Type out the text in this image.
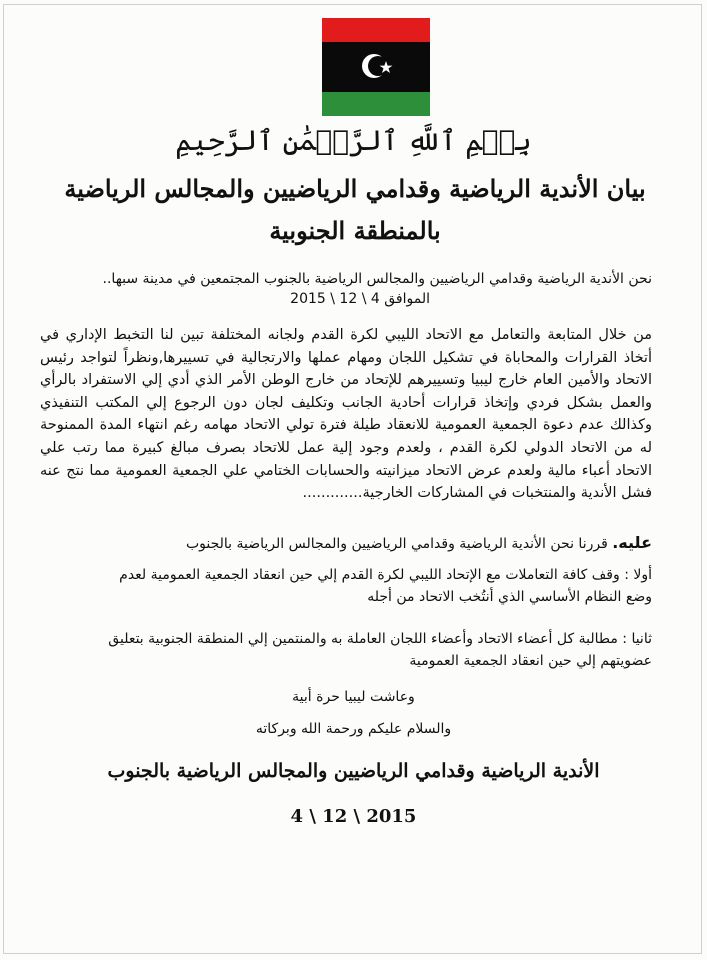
بِسۡمِ ٱللَّهِ ٱلرَّحۡمَٰنِ ٱلرَّحِيمِ
بيان الأندية الرياضية وقدامي الرياضيين والمجالس الرياضية
بالمنطقة الجنوبية
نحن الأندية الرياضية وقدامي الرياضيين والمجالس الرياضية بالجنوب المجتمعين في مدينة سبها..
الموافق 4 \ 12 \ 2015
من خلال المتابعة والتعامل مع الاتحاد الليبي لكرة القدم ولجانه المختلفة تبين لنا التخبط الإداري في أتخاذ القرارات والمحاباة في تشكيل اللجان ومهام عملها والارتجالية في تسييرها,ونظراً لتواجد رئيس الاتحاد والأمين العام خارج ليبيا وتسييرهم للإتحاد من خارج الوطن الأمر الذي أدي إلي الاستفراد بالرأي والعمل بشكل فردي وإتخاذ قرارات أحادية الجانب وتكليف لجان دون الرجوع إلي المكتب التنفيذي وكذالك عدم دعوة الجمعية العمومية للانعقاد طيلة فترة تولي الاتحاد مهامه رغم انتهاء المدة الممنوحة له من الاتحاد الدولي لكرة القدم ، ولعدم وجود إلية عمل للاتحاد بصرف مبالغ كبيرة مما رتب علي الاتحاد أعباء مالية ولعدم عرض الاتحاد ميزانيته والحسابات الختامي علي الجمعية العمومية مما نتج عنه فشل الأندية والمنتخبات في المشاركات الخارجية.............
عليه. قررنا نحن الأندية الرياضية وقدامي الرياضيين والمجالس الرياضية بالجنوب
أولا : وقف كافة التعاملات مع الإتحاد الليبي لكرة القدم إلي حين انعقاد الجمعية العمومية لعدم
وضع النظام الأساسي الذي أنتُخب الاتحاد من أجله
ثانيا : مطالبة كل أعضاء الاتحاد وأعضاء اللجان العاملة به والمنتمين إلي المنطقة الجنوبية بتعليق
عضويتهم إلي حين انعقاد الجمعية العمومية
وعاشت ليبيا حرة أبية
والسلام عليكم ورحمة الله وبركاته
الأندية الرياضية وقدامي الرياضيين والمجالس الرياضية بالجنوب
2015 \ 12 \ 4
